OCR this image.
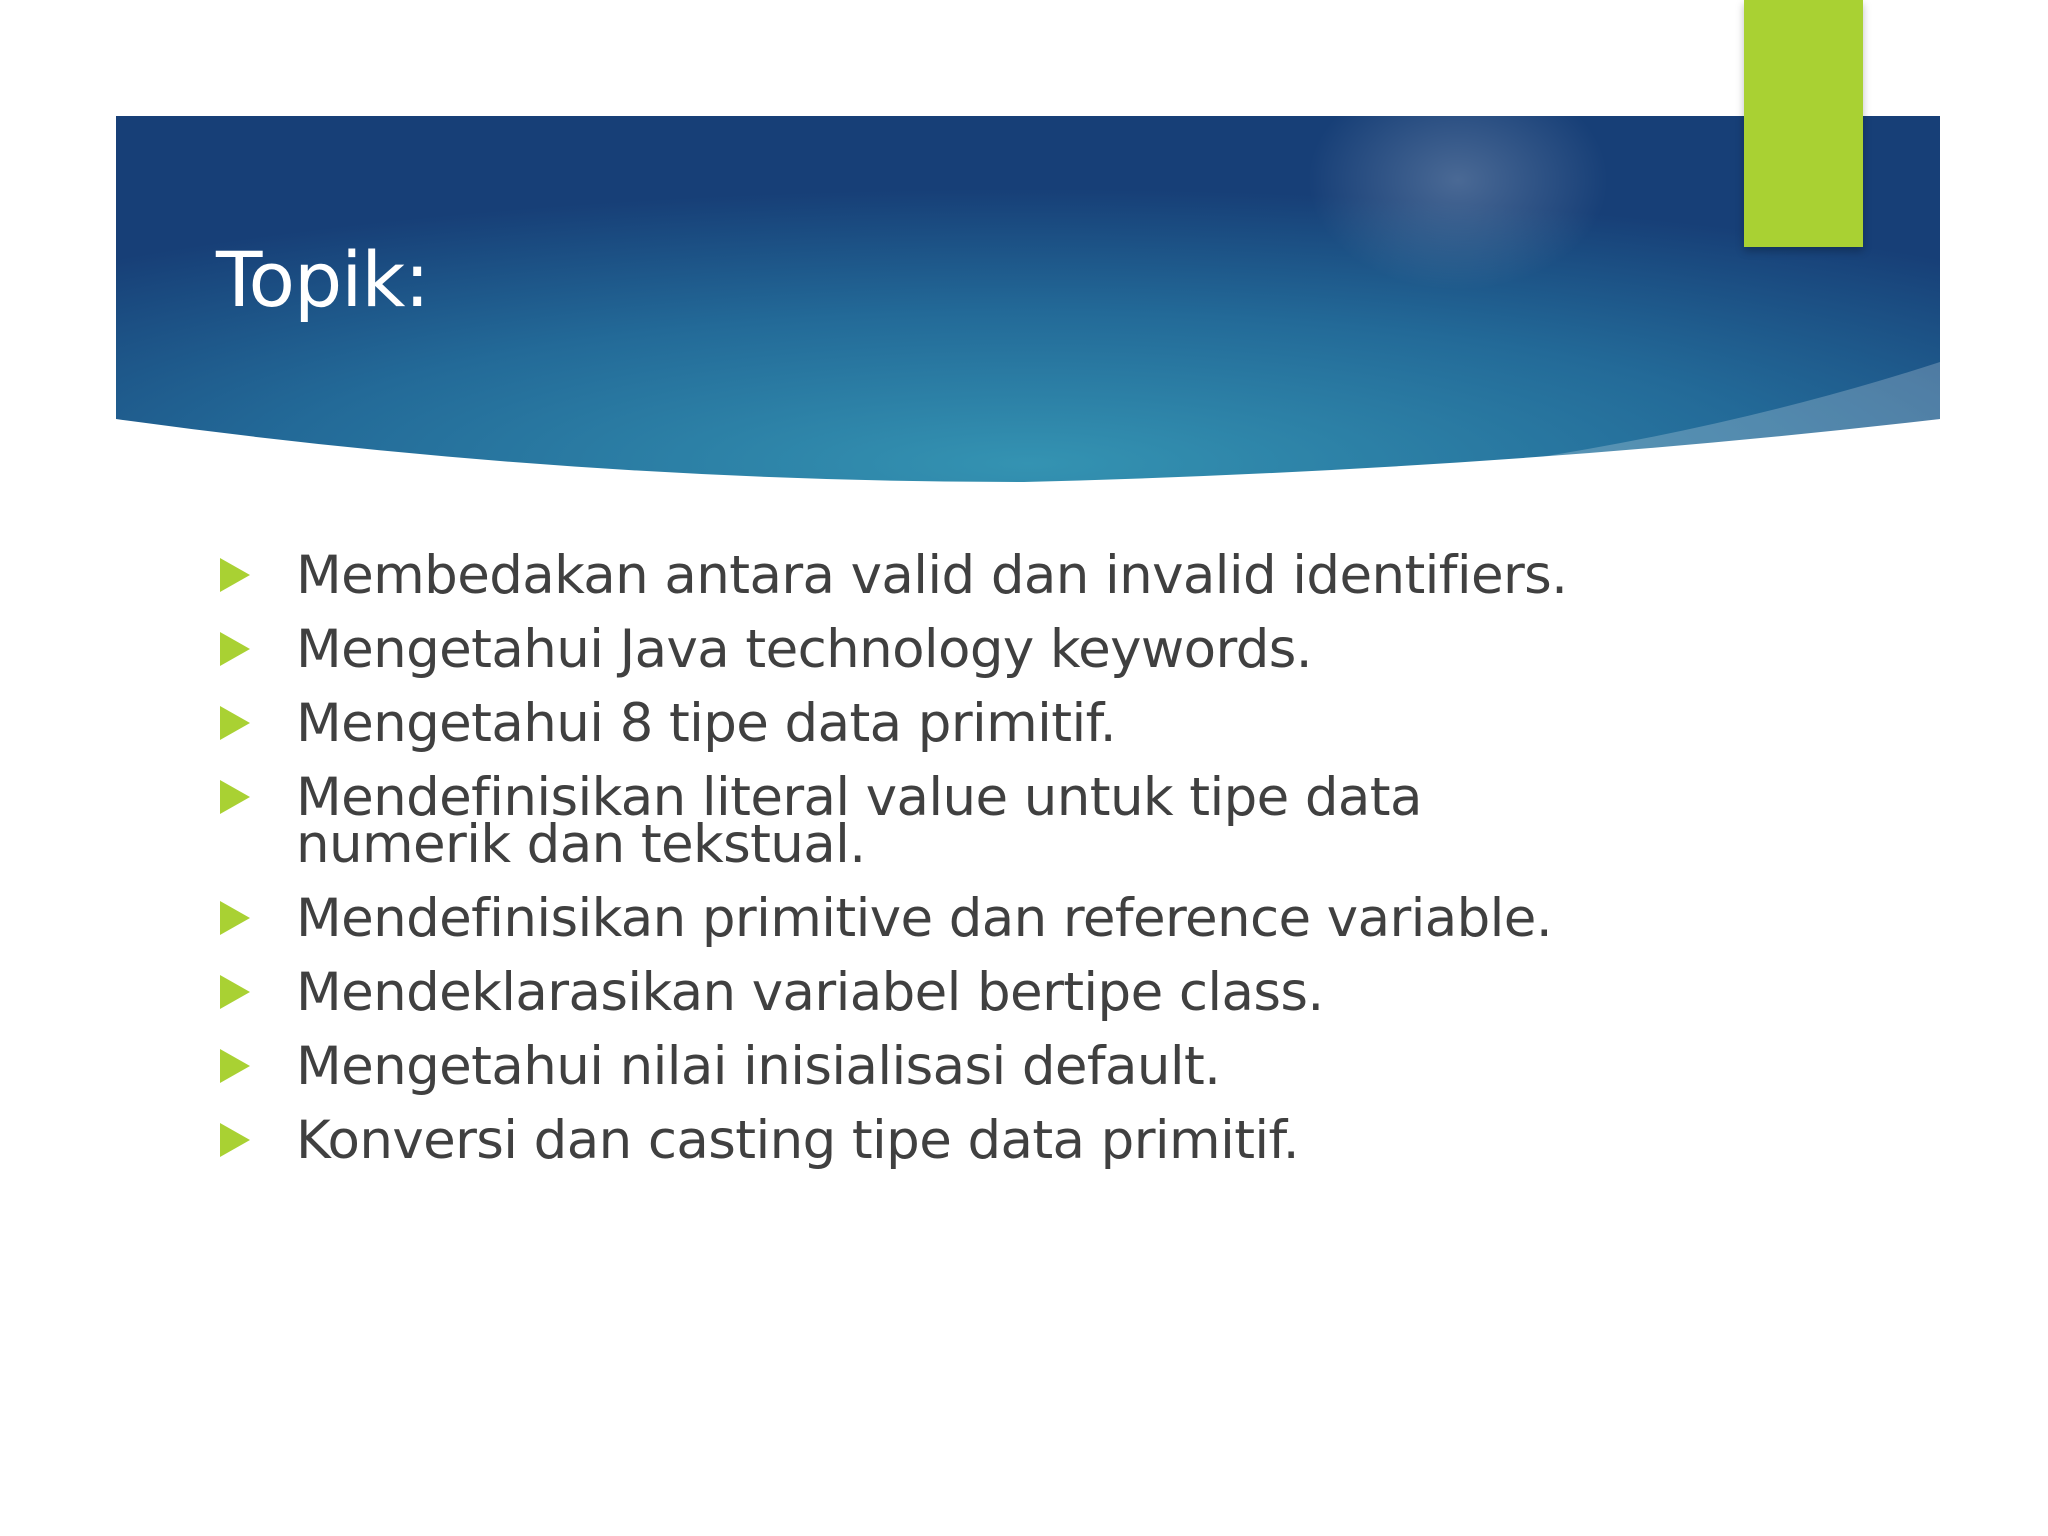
Topik:
Membedakan antara valid dan invalid identifiers.
Mengetahui Java technology keywords.
Mengetahui 8 tipe data primitif.
Mendefinisikan literal value untuk tipe data numerik dan tekstual.
Mendefinisikan primitive dan reference variable.
Mendeklarasikan variabel bertipe class.
Mengetahui nilai inisialisasi default.
Konversi dan casting tipe data primitif.
